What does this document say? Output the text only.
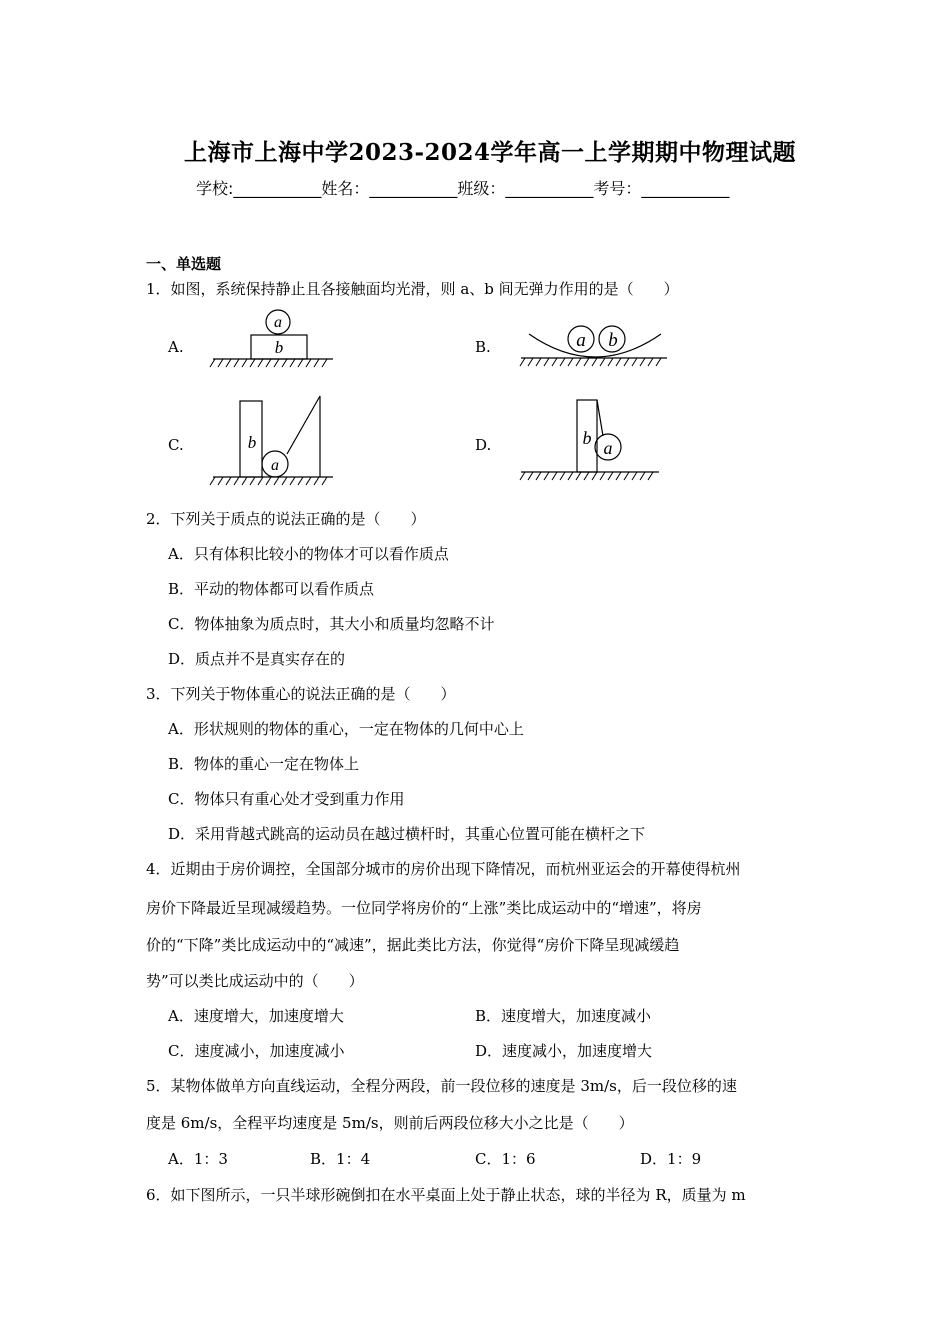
上海市上海中学2023-2024学年高一上学期期中物理试题
学校:___________姓名：___________班级：___________考号：___________
一、单选题
1．如图，系统保持静止且各接触面均光滑，则 a、b 间无弹力作用的是（　　）
A.	B.
C.	D.
a
b	a b
b
a
b a
2．下列关于质点的说法正确的是（　　）
A．只有体积比较小的物体才可以看作质点
B．平动的物体都可以看作质点
C．物体抽象为质点时，其大小和质量均忽略不计
D．质点并不是真实存在的
3．下列关于物体重心的说法正确的是（　　）
A．形状规则的物体的重心，一定在物体的几何中心上
B．物体的重心一定在物体上
C．物体只有重心处才受到重力作用
D．采用背越式跳高的运动员在越过横杆时，其重心位置可能在横杆之下
4．近期由于房价调控，全国部分城市的房价出现下降情况，而杭州亚运会的开幕使得杭州
房价下降最近呈现减缓趋势。一位同学将房价的“上涨”类比成运动中的“增速”，将房
价的“下降”类比成运动中的“减速”，据此类比方法，你觉得“房价下降呈现减缓趋
势”可以类比成运动中的（　　）
A．速度增大，加速度增大	B．速度增大，加速度减小
C．速度减小，加速度减小	D．速度减小，加速度增大
5．某物体做单方向直线运动，全程分两段，前一段位移的速度是 3m/s，后一段位移的速
度是 6m/s，全程平均速度是 5m/s，则前后两段位移大小之比是（　　）
A．1：3	B．1：4	C．1：6	D．1：9
6．如下图所示，一只半球形碗倒扣在水平桌面上处于静止状态，球的半径为 R，质量为 m
